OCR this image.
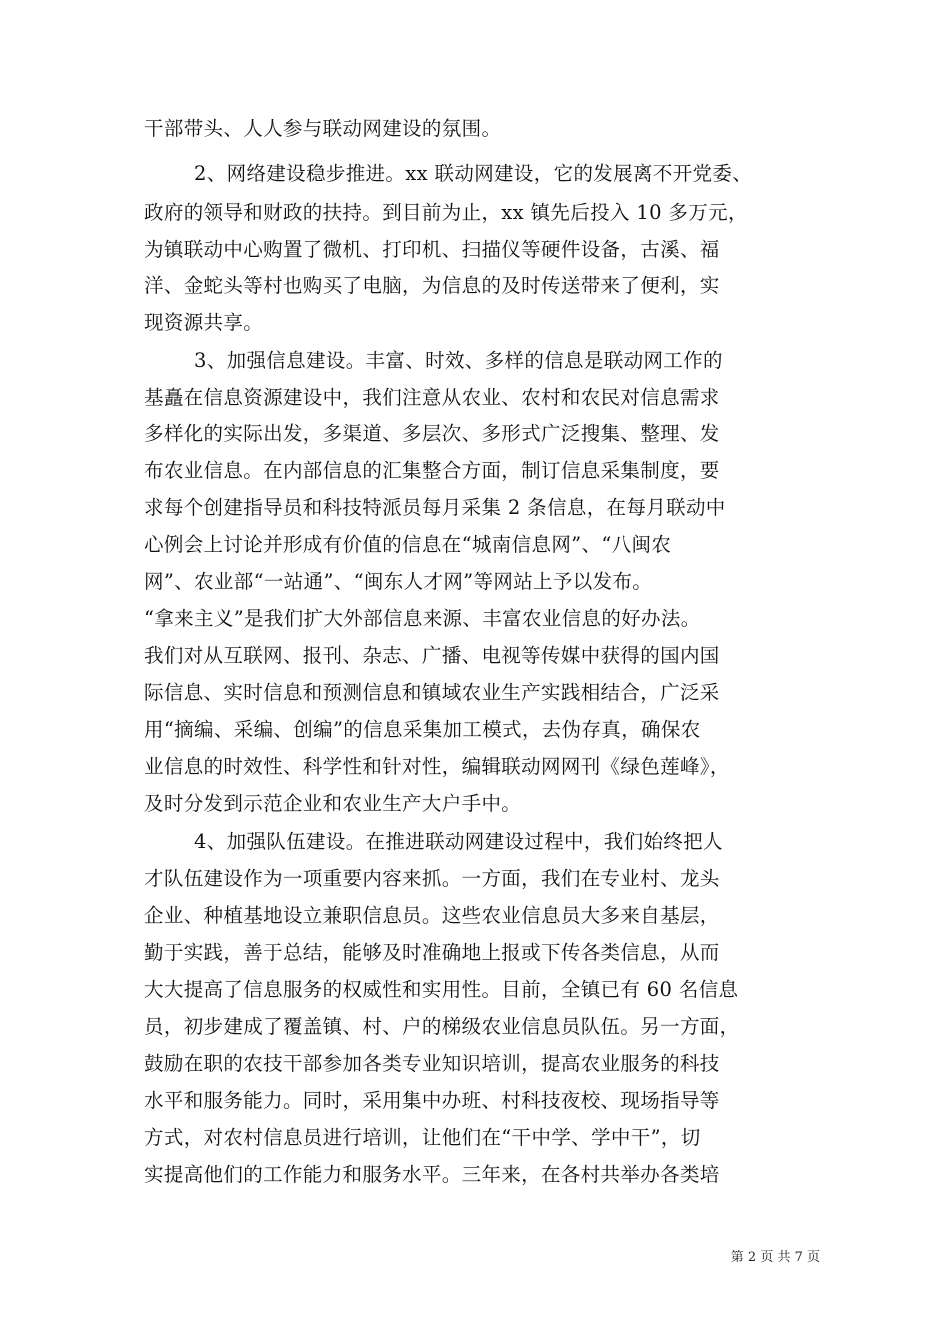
干部带头、人人参与联动网建设的氛围。

2、网络建设稳步推进。xx 联动网建设，它的发展离不开党委、

政府的领导和财政的扶持。到目前为止，xx 镇先后投入 10 多万元，

为镇联动中心购置了微机、打印机、扫描仪等硬件设备，古溪、福

洋、金蛇头等村也购买了电脑，为信息的及时传送带来了便利，实

现资源共享。

3、加强信息建设。丰富、时效、多样的信息是联动网工作的

基矗在信息资源建设中，我们注意从农业、农村和农民对信息需求

多样化的实际出发，多渠道、多层次、多形式广泛搜集、整理、发

布农业信息。在内部信息的汇集整合方面，制订信息采集制度，要

求每个创建指导员和科技特派员每月采集 2 条信息，在每月联动中

心例会上讨论并形成有价值的信息在“城南信息网”、“八闽农

网”、农业部“一站通”、“闽东人才网”等网站上予以发布。

“拿来主义”是我们扩大外部信息来源、丰富农业信息的好办法。

我们对从互联网、报刊、杂志、广播、电视等传媒中获得的国内国

际信息、实时信息和预测信息和镇域农业生产实践相结合，广泛采

用“摘编、采编、创编”的信息采集加工模式，去伪存真，确保农

业信息的时效性、科学性和针对性，编辑联动网网刊《绿色莲峰》，

及时分发到示范企业和农业生产大户手中。

4、加强队伍建设。在推进联动网建设过程中，我们始终把人

才队伍建设作为一项重要内容来抓。一方面，我们在专业村、龙头

企业、种植基地设立兼职信息员。这些农业信息员大多来自基层，

勤于实践，善于总结，能够及时准确地上报或下传各类信息，从而

大大提高了信息服务的权威性和实用性。目前，全镇已有 60 名信息

员，初步建成了覆盖镇、村、户的梯级农业信息员队伍。另一方面，

鼓励在职的农技干部参加各类专业知识培训，提高农业服务的科技

水平和服务能力。同时，采用集中办班、村科技夜校、现场指导等

方式，对农村信息员进行培训，让他们在“干中学、学中干”，切

实提高他们的工作能力和服务水平。三年来，在各村共举办各类培

第 2 页 共 7 页
